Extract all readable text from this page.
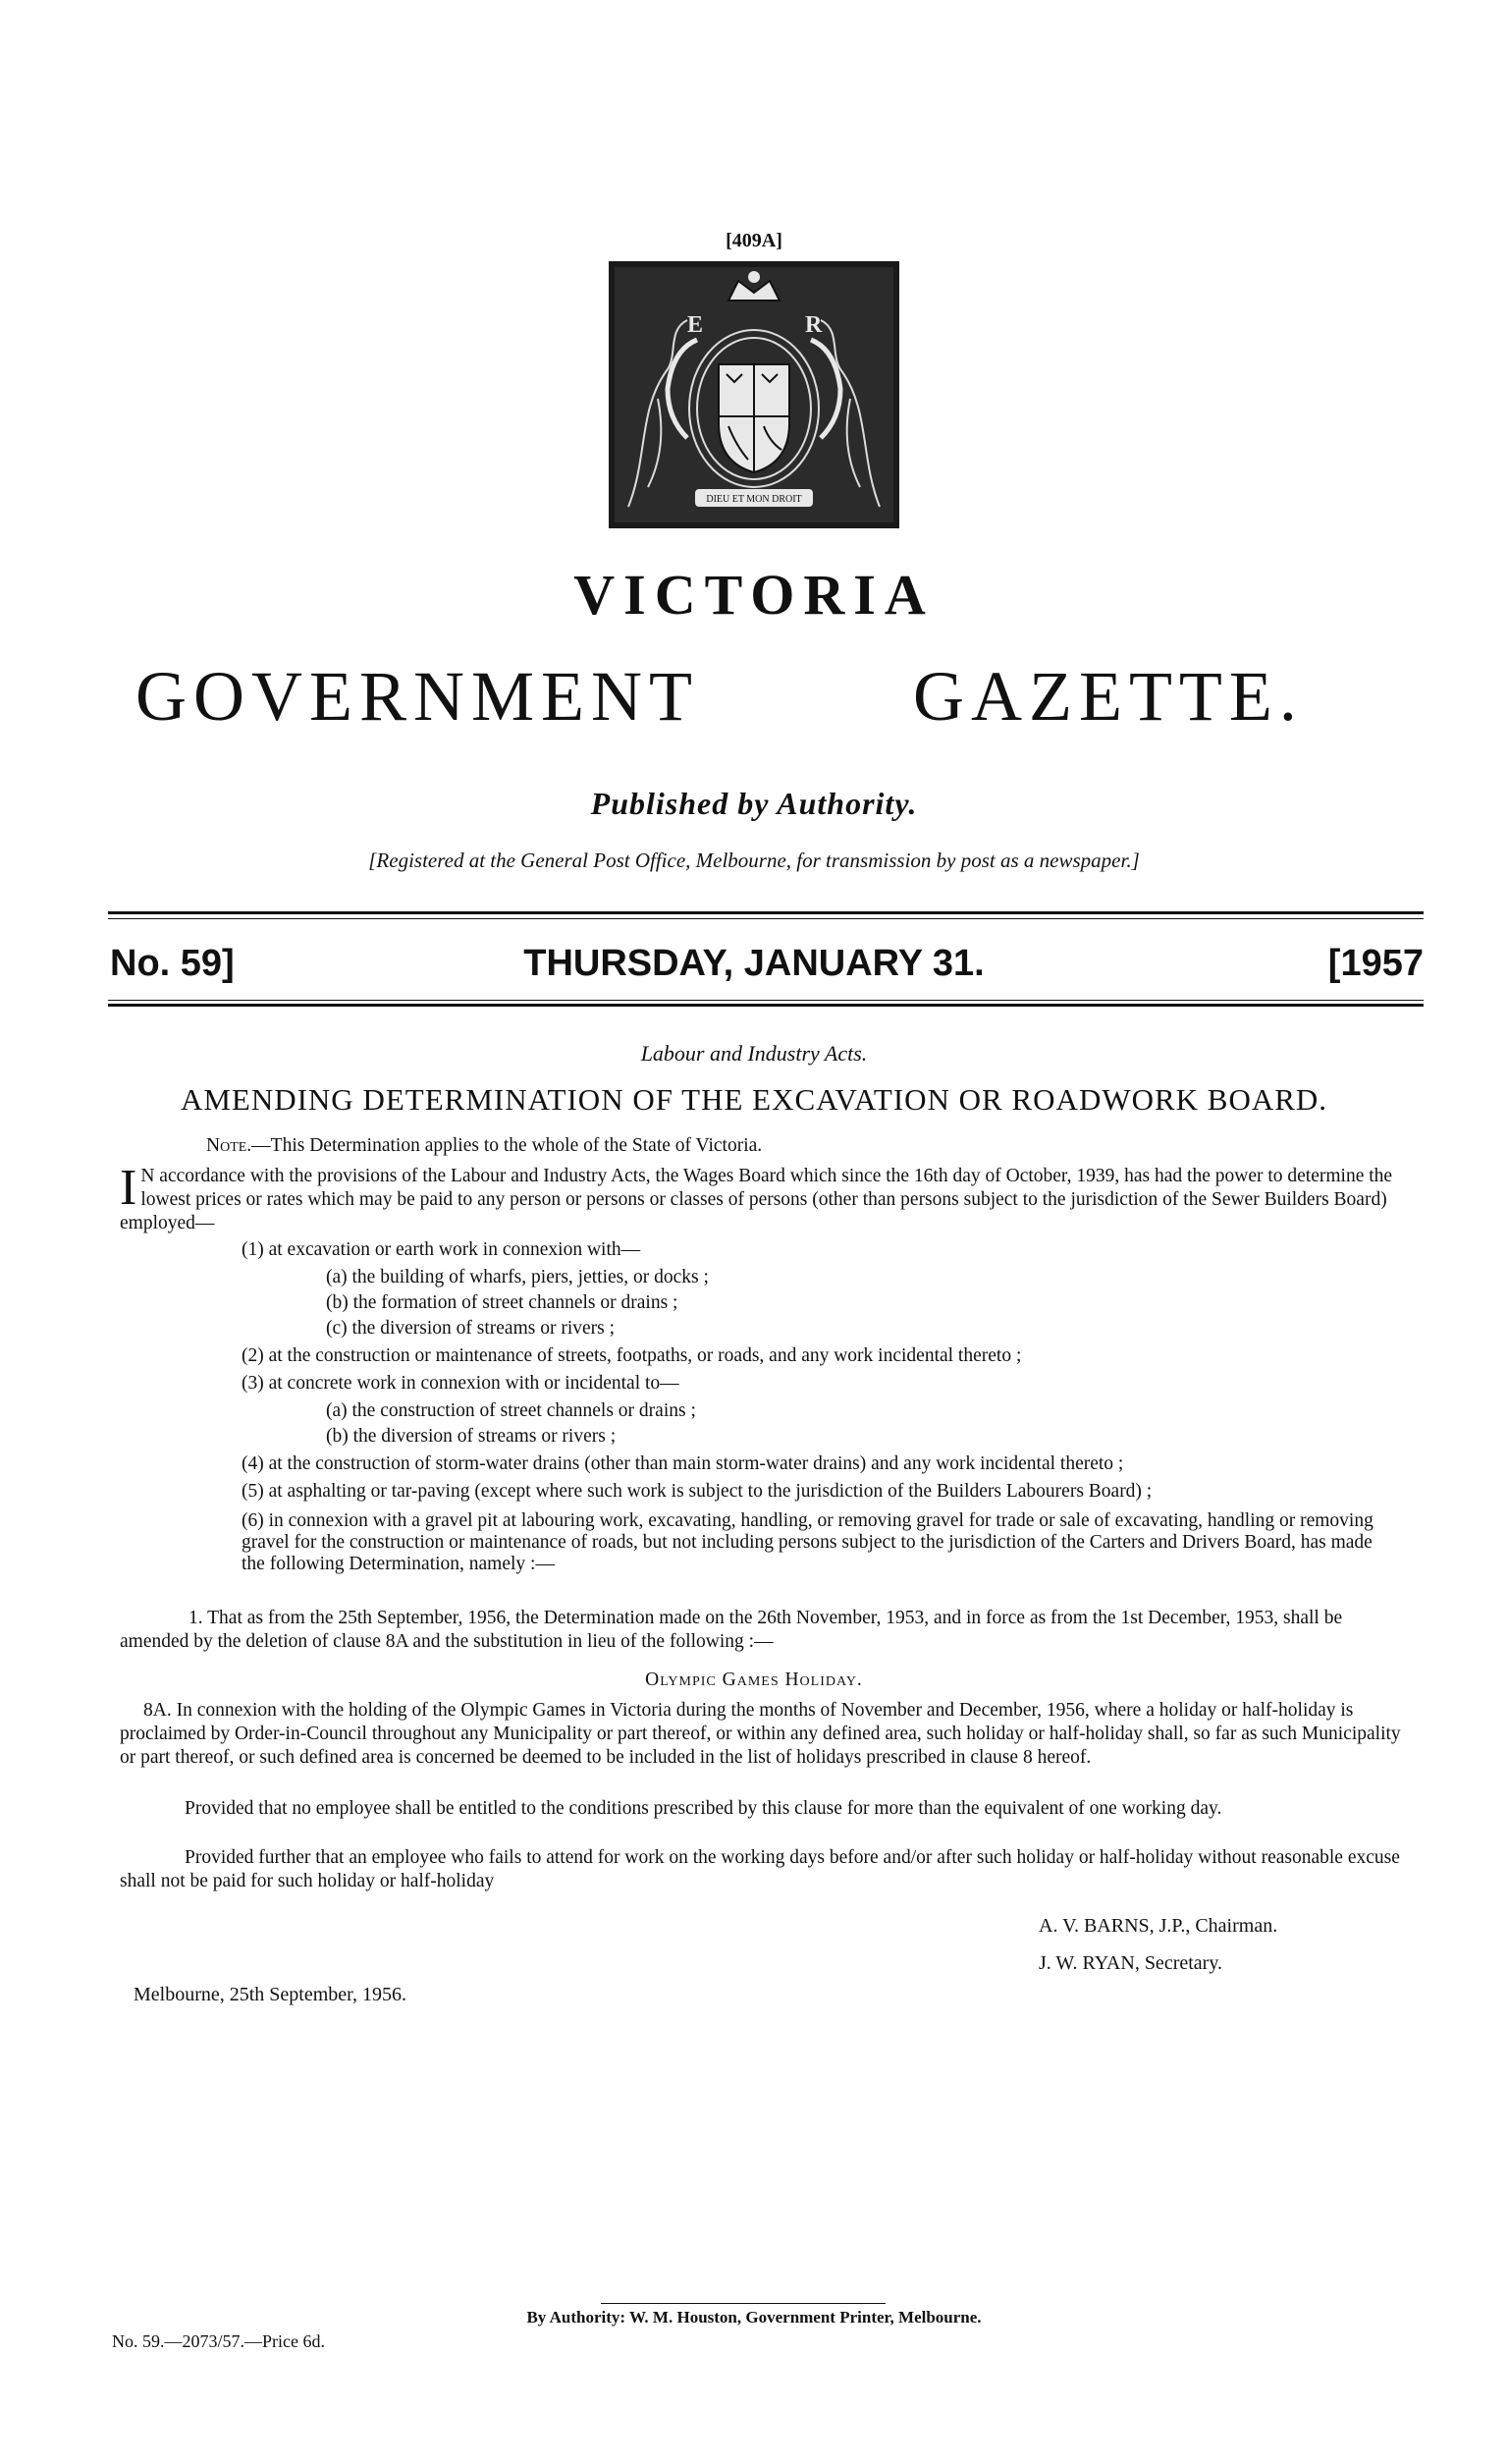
[409A]
DIEU ET MON DROIT
E	R
VICTORIA
GOVERNMENT	GAZETTE.
Published by Authority.
[Registered at the General Post Office, Melbourne, for transmission by post as a newspaper.]
No. 59]	THURSDAY, JANUARY 31.	[1957
Labour and Industry Acts.
AMENDING DETERMINATION OF THE EXCAVATION OR ROADWORK BOARD.
Note.—This Determination applies to the whole of the State of Victoria.
I N accordance with the provisions of the Labour and Industry Acts, the Wages Board which since the 16th day of October, 1939, has had the power to determine the lowest prices or rates which may be paid to any person or persons or classes of persons (other than persons subject to the jurisdiction of the Sewer Builders Board) employed—
(1) at excavation or earth work in connexion with—
(a) the building of wharfs, piers, jetties, or docks ;
(b) the formation of street channels or drains ;
(c) the diversion of streams or rivers ;
(2) at the construction or maintenance of streets, footpaths, or roads, and any work incidental thereto ;
(3) at concrete work in connexion with or incidental to—
(a) the construction of street channels or drains ;
(b) the diversion of streams or rivers ;
(4) at the construction of storm-water drains (other than main storm-water drains) and any work incidental thereto ;
(5) at asphalting or tar-paving (except where such work is subject to the jurisdiction of the Builders Labourers Board) ;
(6) in connexion with a gravel pit at labouring work, excavating, handling, or removing gravel for trade or sale of excavating, handling or removing gravel for the construction or maintenance of roads, but not including persons subject to the jurisdiction of the Carters and Drivers Board, has made the following Determination, namely :—
1. That as from the 25th September, 1956, the Determination made on the 26th November, 1953, and in force as from the 1st December, 1953, shall be amended by the deletion of clause 8A and the substitution in lieu of the following :—
Olympic Games Holiday.
8A. In connexion with the holding of the Olympic Games in Victoria during the months of November and December, 1956, where a holiday or half-holiday is proclaimed by Order-in-Council throughout any Municipality or part thereof, or within any defined area, such holiday or half-holiday shall, so far as such Municipality or part thereof, or such defined area is concerned be deemed to be included in the list of holidays prescribed in clause 8 hereof.
Provided that no employee shall be entitled to the conditions prescribed by this clause for more than the equivalent of one working day.
Provided further that an employee who fails to attend for work on the working days before and/or after such holiday or half-holiday without reasonable excuse shall not be paid for such holiday or half-holiday
A. V. BARNS, J.P., Chairman.
J. W. RYAN, Secretary.
Melbourne, 25th September, 1956.
By Authority: W. M. Houston, Government Printer, Melbourne.
No. 59.—2073/57.—Price 6d.
